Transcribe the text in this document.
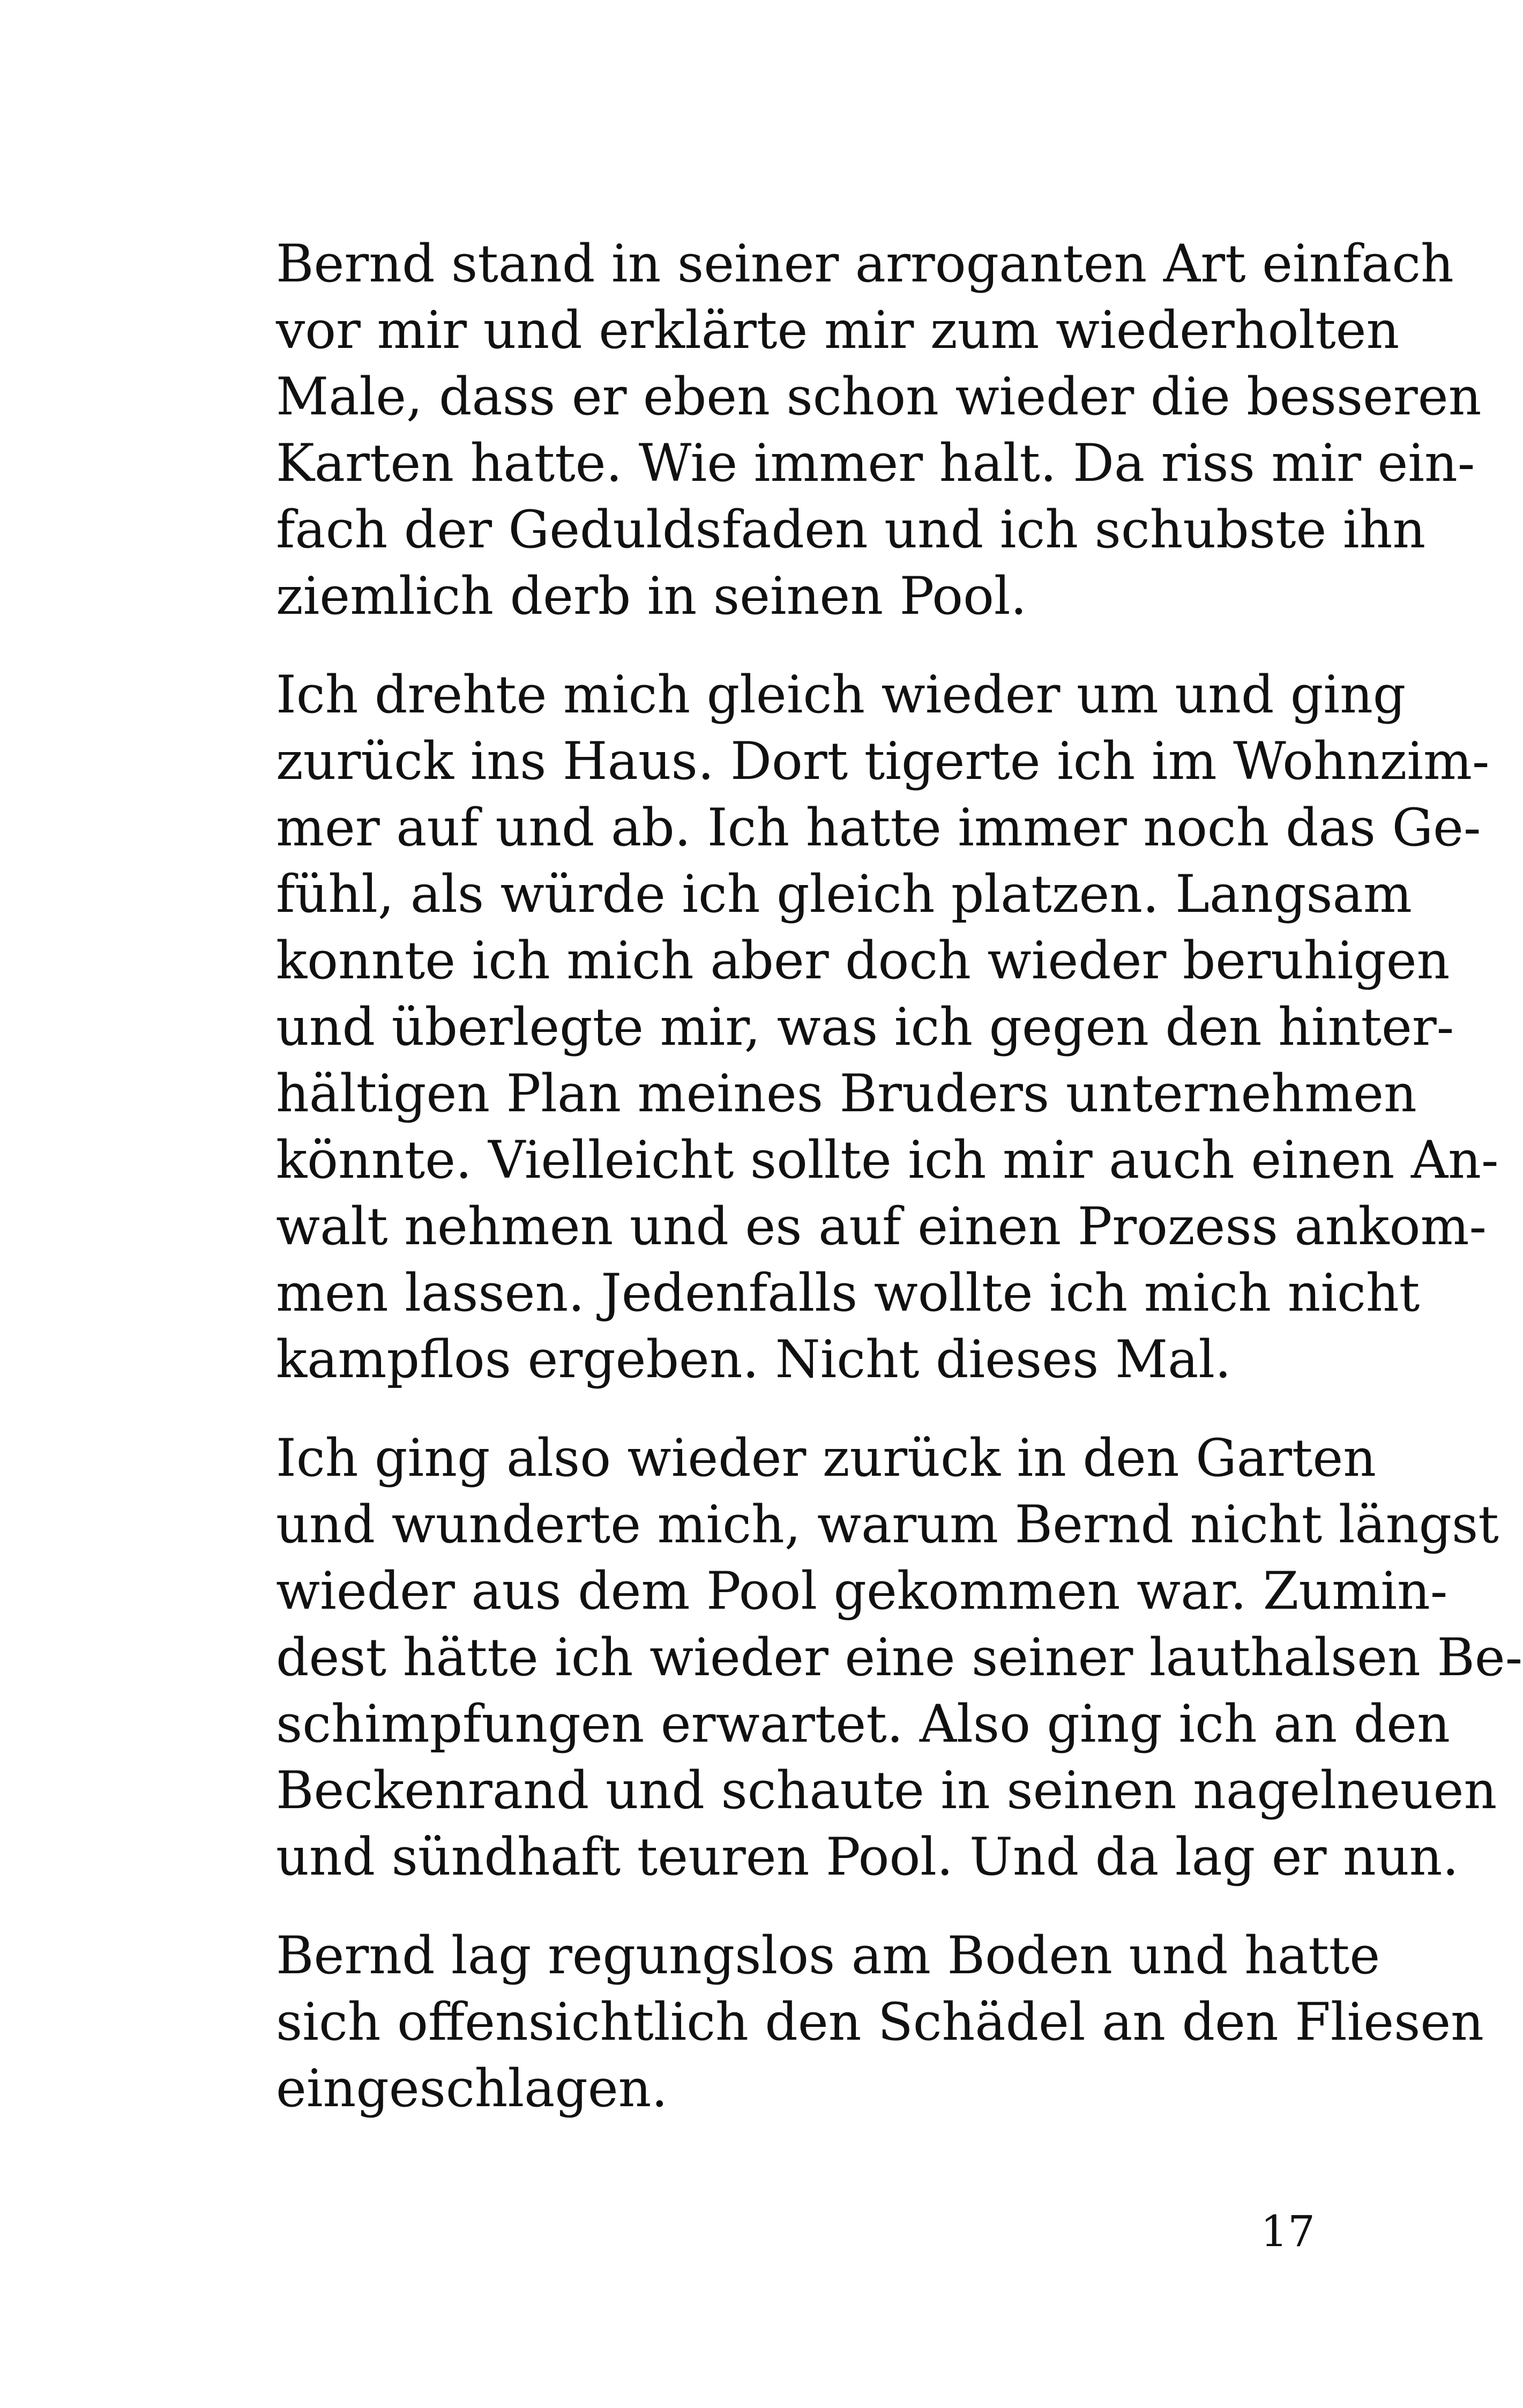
Bernd stand in seiner arroganten Art einfach
vor mir und erklärte mir zum wiederholten
Male, dass er eben schon wieder die besseren
Karten hatte. Wie immer halt. Da riss mir ein-
fach der Geduldsfaden und ich schubste ihn
ziemlich derb in seinen Pool.

Ich drehte mich gleich wieder um und ging
zurück ins Haus. Dort tigerte ich im Wohnzim-
mer auf und ab. Ich hatte immer noch das Ge-
fühl, als würde ich gleich platzen. Langsam
konnte ich mich aber doch wieder beruhigen
und überlegte mir, was ich gegen den hinter-
hältigen Plan meines Bruders unternehmen
könnte. Vielleicht sollte ich mir auch einen An-
walt nehmen und es auf einen Prozess ankom-
men lassen. Jedenfalls wollte ich mich nicht
kampflos ergeben. Nicht dieses Mal.

Ich ging also wieder zurück in den Garten
und wunderte mich, warum Bernd nicht längst
wieder aus dem Pool gekommen war. Zumin-
dest hätte ich wieder eine seiner lauthalsen Be-
schimpfungen erwartet. Also ging ich an den
Beckenrand und schaute in seinen nagelneuen
und sündhaft teuren Pool. Und da lag er nun.

Bernd lag regungslos am Boden und hatte
sich offensichtlich den Schädel an den Fliesen
eingeschlagen.

17
